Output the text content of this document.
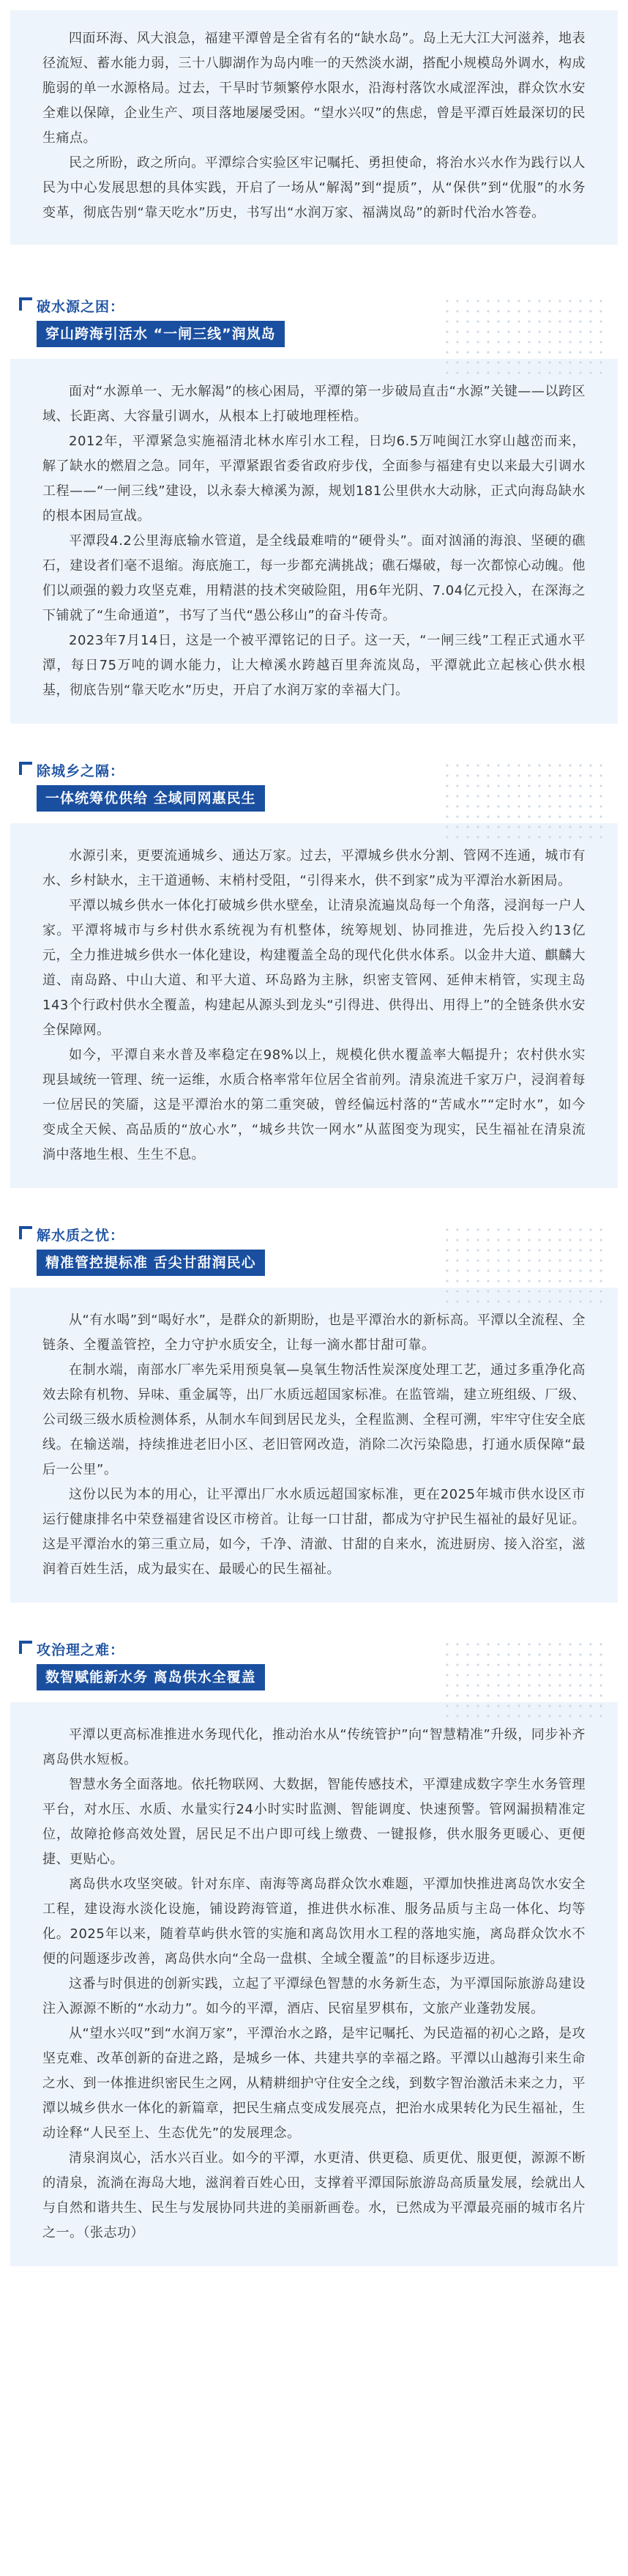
四面环海、风大浪急，福建平潭曾是全省有名的“缺水岛”。岛上无大江大河滋养，地表径流短、蓄水能力弱，三十八脚湖作为岛内唯一的天然淡水湖，搭配小规模岛外调水，构成脆弱的单一水源格局。过去，干旱时节频繁停水限水，沿海村落饮水咸涩浑浊，群众饮水安全难以保障，企业生产、项目落地屡屡受困。“望水兴叹”的焦虑，曾是平潭百姓最深切的民生痛点。

民之所盼，政之所向。平潭综合实验区牢记嘱托、勇担使命，将治水兴水作为践行以人民为中心发展思想的具体实践，开启了一场从“解渴”到“提质”，从“保供”到“优服”的水务变革，彻底告别“靠天吃水”历史，书写出“水润万家、福满岚岛”的新时代治水答卷。

破水源之困：
穿山跨海引活水 “一闸三线”润岚岛

面对“水源单一、无水解渴”的核心困局，平潭的第一步破局直击“水源”关键——以跨区域、长距离、大容量引调水，从根本上打破地理桎梏。

2012年，平潭紧急实施福清北林水库引水工程，日均6.5万吨闽江水穿山越峦而来，解了缺水的燃眉之急。同年，平潭紧跟省委省政府步伐，全面参与福建有史以来最大引调水工程——“一闸三线”建设，以永泰大樟溪为源，规划181公里供水大动脉，正式向海岛缺水的根本困局宣战。

平潭段4.2公里海底输水管道，是全线最难啃的“硬骨头”。面对汹涌的海浪、坚硬的礁石，建设者们毫不退缩。海底施工，每一步都充满挑战；礁石爆破，每一次都惊心动魄。他们以顽强的毅力攻坚克难，用精湛的技术突破险阻，用6年光阴、7.04亿元投入，在深海之下铺就了“生命通道”，书写了当代“愚公移山”的奋斗传奇。

2023年7月14日，这是一个被平潭铭记的日子。这一天，“一闸三线”工程正式通水平潭，每日75万吨的调水能力，让大樟溪水跨越百里奔流岚岛，平潭就此立起核心供水根基，彻底告别“靠天吃水”历史，开启了水润万家的幸福大门。

除城乡之隔：
一体统筹优供给 全域同网惠民生

水源引来，更要流通城乡、通达万家。过去，平潭城乡供水分割、管网不连通，城市有水、乡村缺水，主干道通畅、末梢村受阻，“引得来水，供不到家”成为平潭治水新困局。

平潭以城乡供水一体化打破城乡供水壁垒，让清泉流遍岚岛每一个角落，浸润每一户人家。平潭将城市与乡村供水系统视为有机整体，统筹规划、协同推进，先后投入约13亿元，全力推进城乡供水一体化建设，构建覆盖全岛的现代化供水体系。以金井大道、麒麟大道、南岛路、中山大道、和平大道、环岛路为主脉，织密支管网、延伸末梢管，实现主岛143个行政村供水全覆盖，构建起从源头到龙头“引得进、供得出、用得上”的全链条供水安全保障网。

如今，平潭自来水普及率稳定在98%以上，规模化供水覆盖率大幅提升；农村供水实现县域统一管理、统一运维，水质合格率常年位居全省前列。清泉流进千家万户，浸润着每一位居民的笑靥，这是平潭治水的第二重突破，曾经偏远村落的“苦咸水”“定时水”，如今变成全天候、高品质的“放心水”，“城乡共饮一网水”从蓝图变为现实，民生福祉在清泉流淌中落地生根、生生不息。

解水质之忧：
精准管控提标准 舌尖甘甜润民心

从“有水喝”到“喝好水”，是群众的新期盼，也是平潭治水的新标高。平潭以全流程、全链条、全覆盖管控，全力守护水质安全，让每一滴水都甘甜可靠。

在制水端，南部水厂率先采用预臭氧—臭氧生物活性炭深度处理工艺，通过多重净化高效去除有机物、异味、重金属等，出厂水质远超国家标准。在监管端，建立班组级、厂级、公司级三级水质检测体系，从制水车间到居民龙头，全程监测、全程可溯，牢牢守住安全底线。在输送端，持续推进老旧小区、老旧管网改造，消除二次污染隐患，打通水质保障“最后一公里”。

这份以民为本的用心，让平潭出厂水水质远超国家标准，更在2025年城市供水设区市运行健康排名中荣登福建省设区市榜首。让每一口甘甜，都成为守护民生福祉的最好见证。这是平潭治水的第三重立局，如今，千净、清澈、甘甜的自来水，流进厨房、接入浴室，滋润着百姓生活，成为最实在、最暖心的民生福祉。

攻治理之难：
数智赋能新水务 离岛供水全覆盖

平潭以更高标准推进水务现代化，推动治水从“传统管护”向“智慧精准”升级，同步补齐离岛供水短板。

智慧水务全面落地。依托物联网、大数据，智能传感技术，平潭建成数字孪生水务管理平台，对水压、水质、水量实行24小时实时监测、智能调度、快速预警。管网漏损精准定位，故障抢修高效处置，居民足不出户即可线上缴费、一键报修，供水服务更暖心、更便捷、更贴心。

离岛供水攻坚突破。针对东庠、南海等离岛群众饮水难题，平潭加快推进离岛饮水安全工程，建设海水淡化设施，铺设跨海管道，推进供水标准、服务品质与主岛一体化、均等化。2025年以来，随着草屿供水管的实施和离岛饮用水工程的落地实施，离岛群众饮水不便的问题逐步改善，离岛供水向“全岛一盘棋、全域全覆盖”的目标逐步迈进。

这番与时俱进的创新实践，立起了平潭绿色智慧的水务新生态，为平潭国际旅游岛建设注入源源不断的“水动力”。如今的平潭，酒店、民宿星罗棋布，文旅产业蓬勃发展。

从“望水兴叹”到“水润万家”，平潭治水之路，是牢记嘱托、为民造福的初心之路，是攻坚克难、改革创新的奋进之路，是城乡一体、共建共享的幸福之路。平潭以山越海引来生命之水、到一体推进织密民生之网，从精耕细护守住安全之线，到数字智治激活未来之力，平潭以城乡供水一体化的新篇章，把民生痛点变成发展亮点，把治水成果转化为民生福祉，生动诠释“人民至上、生态优先”的发展理念。

清泉润岚心，活水兴百业。如今的平潭，水更清、供更稳、质更优、服更便，源源不断的清泉，流淌在海岛大地，滋润着百姓心田，支撑着平潭国际旅游岛高质量发展，绘就出人与自然和谐共生、民生与发展协同共进的美丽新画卷。水，已然成为平潭最亮丽的城市名片之一。（张志功）
